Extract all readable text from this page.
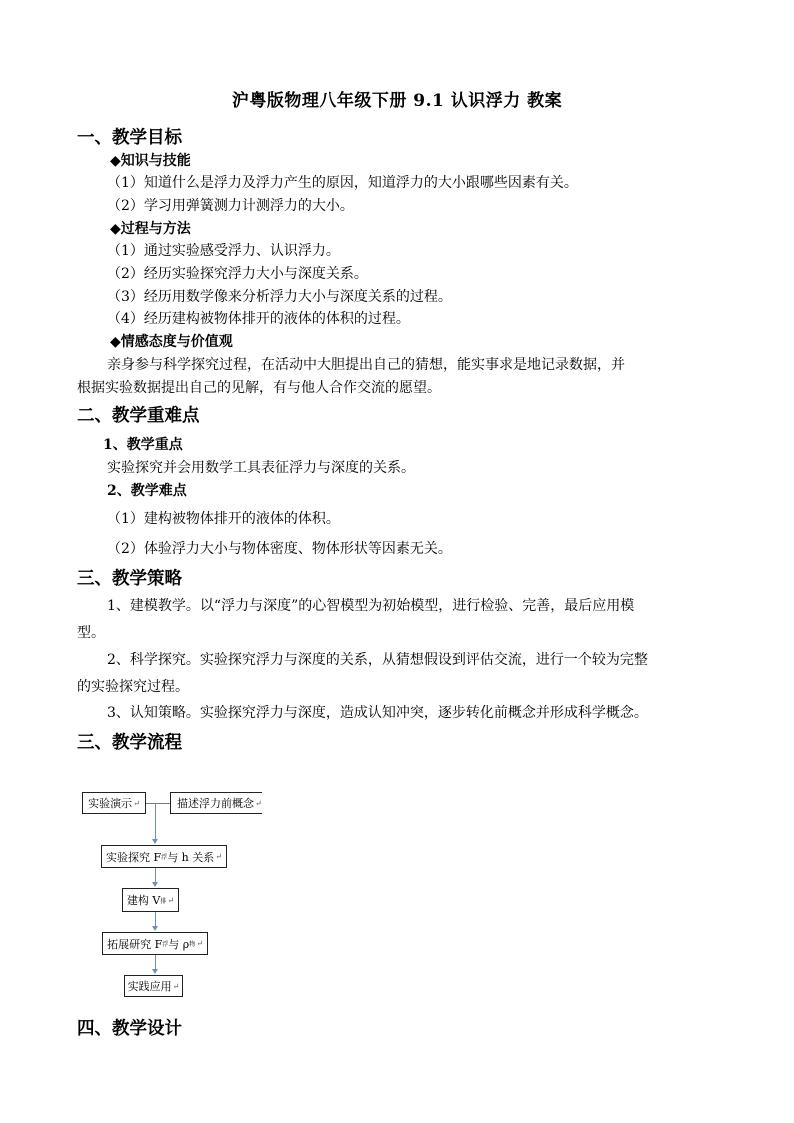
沪粤版物理八年级下册 9.1 认识浮力 教案
一、教学目标
◆知识与技能
（1）知道什么是浮力及浮力产生的原因，知道浮力的大小跟哪些因素有关。
（2）学习用弹簧测力计测浮力的大小。
◆过程与方法
（1）通过实验感受浮力、认识浮力。
（2）经历实验探究浮力大小与深度关系。
（3）经历用数学像来分析浮力大小与深度关系的过程。
（4）经历建构被物体排开的液体的体积的过程。
◆情感态度与价值观
亲身参与科学探究过程，在活动中大胆提出自己的猜想，能实事求是地记录数据，并
根据实验数据提出自己的见解，有与他人合作交流的愿望。
二、教学重难点
1、教学重点
实验探究并会用数学工具表征浮力与深度的关系。
2、教学难点
（1）建构被物体排开的液体的体积。
（2）体验浮力大小与物体密度、物体形状等因素无关。
三、教学策略
1、建模教学。以“浮力与深度”的心智模型为初始模型，进行检验、完善，最后应用模
型。
2、科学探究。实验探究浮力与深度的关系，从猜想假设到评估交流，进行一个较为完整
的实验探究过程。
3、认知策略。实验探究浮力与深度，造成认知冲突，逐步转化前概念并形成科学概念。
三、教学流程
实验演示 ↵	描述浮力前概念 ↵
实验探究 F 浮 与 h 关系 ↵
建构 V 排 ↵
拓展研究 F 浮 与 ρ 物 ↵
实践应用 ↵
四、教学设计
